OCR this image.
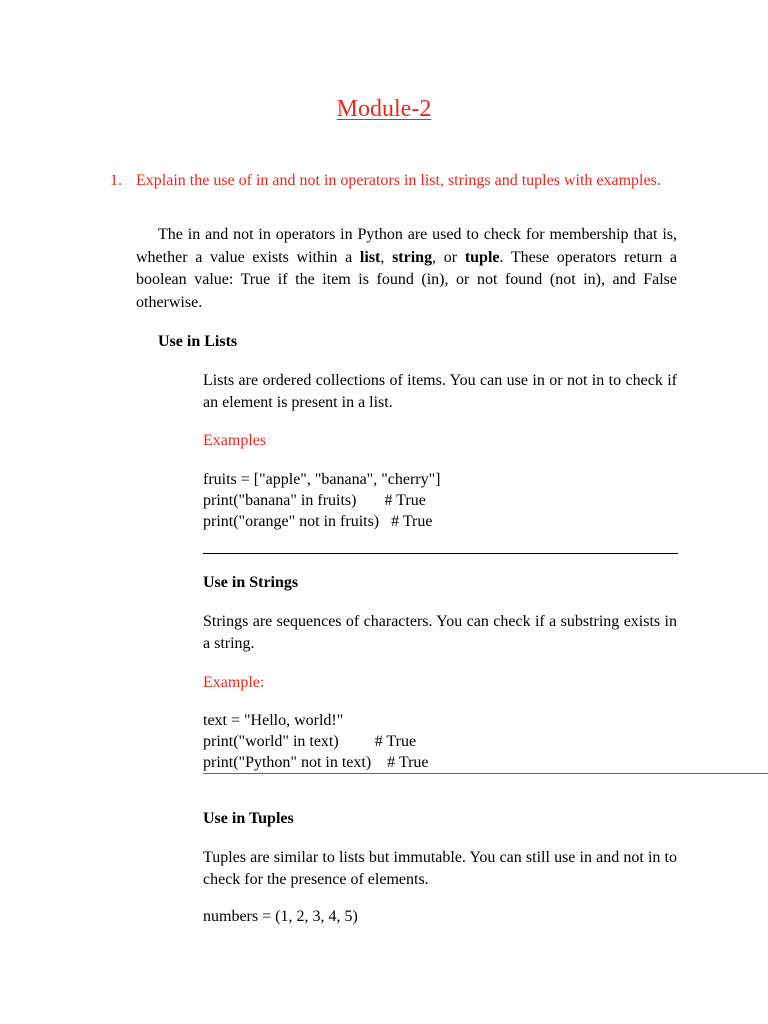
Module-2
1. Explain the use of in and not in operators in list, strings and tuples with examples.
The in and not in operators in Python are used to check for membership that is, whether a value exists within a list, string, or tuple. These operators return a boolean value: True if the item is found (in), or not found (not in), and False otherwise.
Use in Lists
Lists are ordered collections of items. You can use in or not in to check if an element is present in a list.
Examples
fruits = ["apple", "banana", "cherry"]
print("banana" in fruits)       # True
print("orange" not in fruits)   # True
Use in Strings
Strings are sequences of characters. You can check if a substring exists in a string.
Example:
text = "Hello, world!"
print("world" in text)         # True
print("Python" not in text)    # True
Use in Tuples
Tuples are similar to lists but immutable. You can still use in and not in to check for the presence of elements.
numbers = (1, 2, 3, 4, 5)
